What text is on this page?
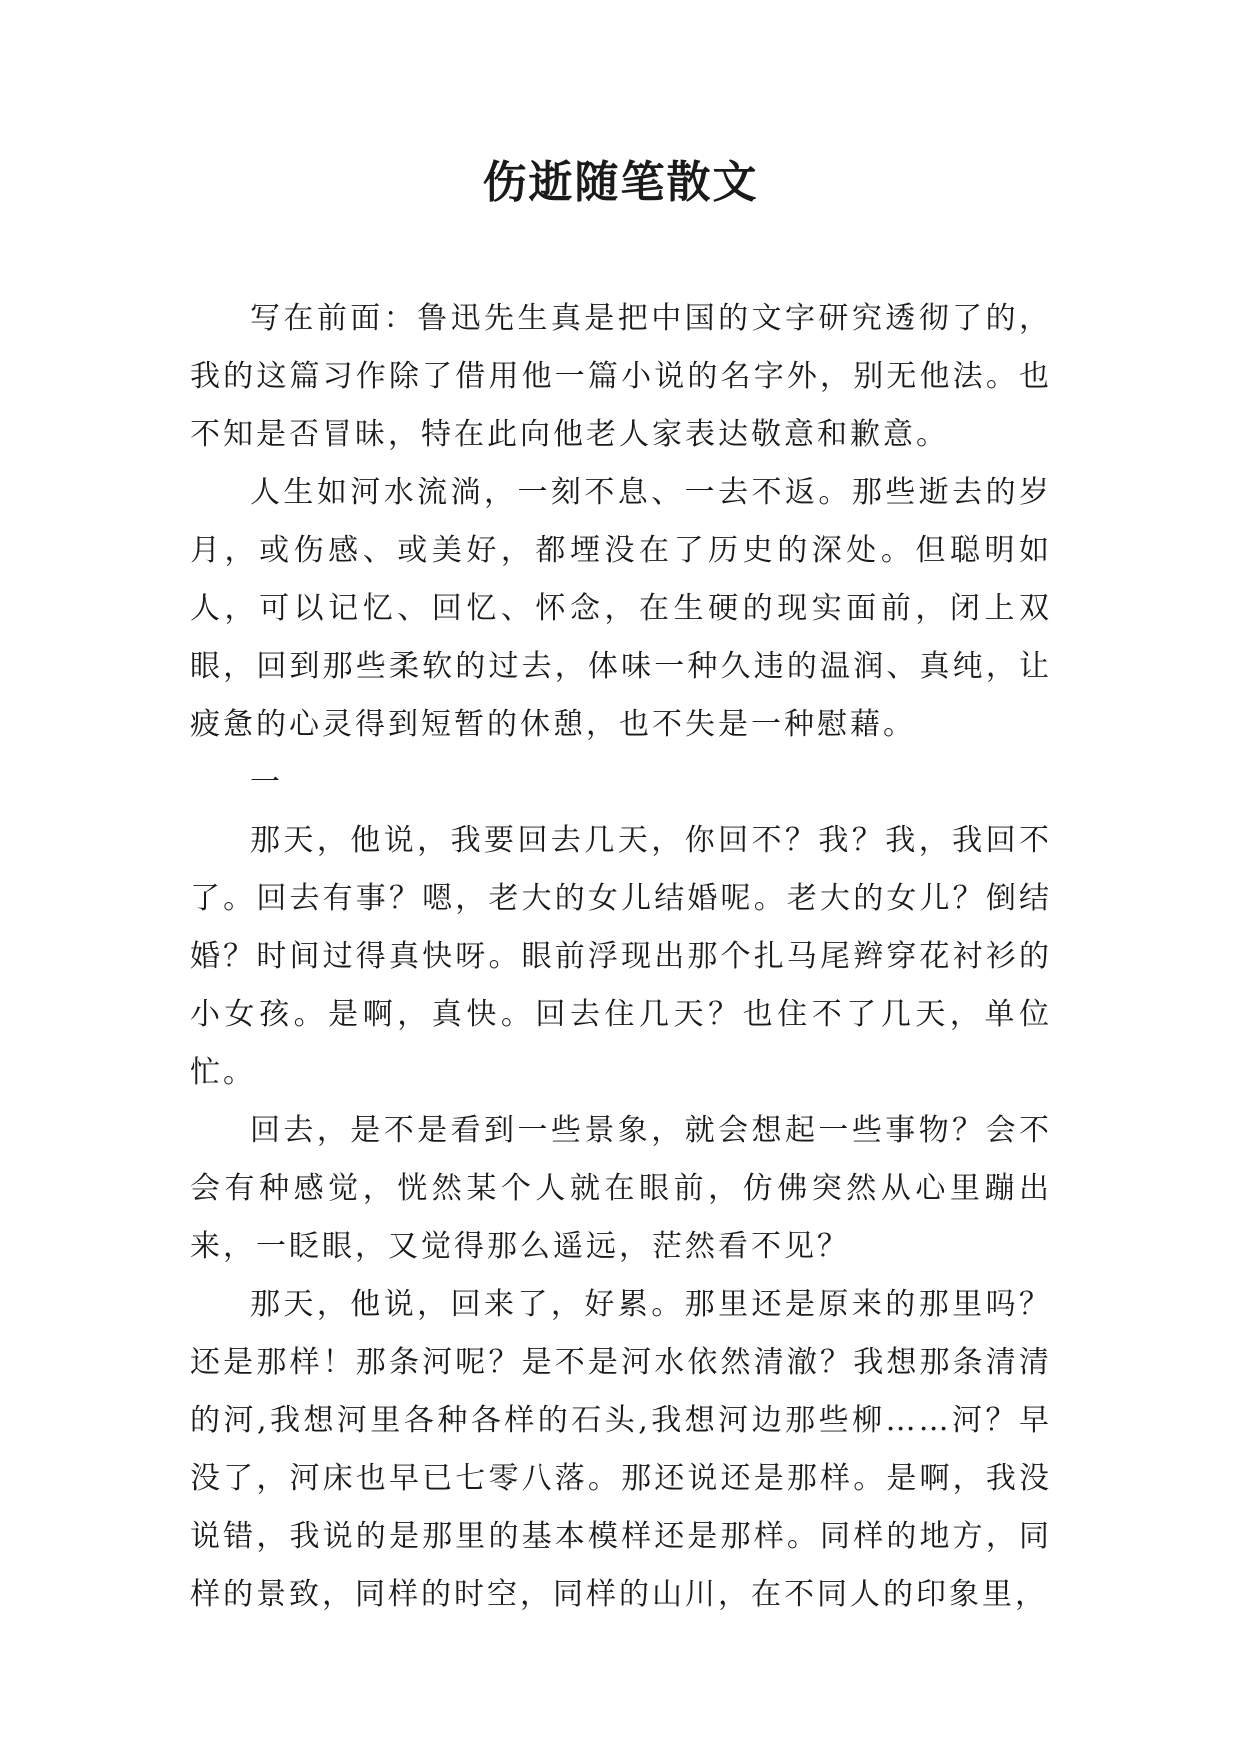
伤逝随笔散文

写在前面：鲁迅先生真是把中国的文字研究透彻了的，我的这篇习作除了借用他一篇小说的名字外，别无他法。也不知是否冒昧，特在此向他老人家表达敬意和歉意。

人生如河水流淌，一刻不息、一去不返。那些逝去的岁月，或伤感、或美好，都堙没在了历史的深处。但聪明如人，可以记忆、回忆、怀念，在生硬的现实面前，闭上双眼，回到那些柔软的过去，体味一种久违的温润、真纯，让疲惫的心灵得到短暂的休憩，也不失是一种慰藉。

一

那天，他说，我要回去几天，你回不？我？我，我回不了。回去有事？嗯，老大的女儿结婚呢。老大的女儿？倒结婚？时间过得真快呀。眼前浮现出那个扎马尾辫穿花衬衫的小女孩。是啊，真快。回去住几天？也住不了几天，单位忙。

回去，是不是看到一些景象，就会想起一些事物？会不会有种感觉，恍然某个人就在眼前，仿佛突然从心里蹦出来，一眨眼，又觉得那么遥远，茫然看不见？

那天，他说，回来了，好累。那里还是原来的那里吗？还是那样！那条河呢？是不是河水依然清澈？我想那条清清的河,我想河里各种各样的石头,我想河边那些柳……河？早没了，河床也早已七零八落。那还说还是那样。是啊，我没说错，我说的是那里的基本模样还是那样。同样的地方，同样的景致，同样的时空，同样的山川，在不同人的印象里，
